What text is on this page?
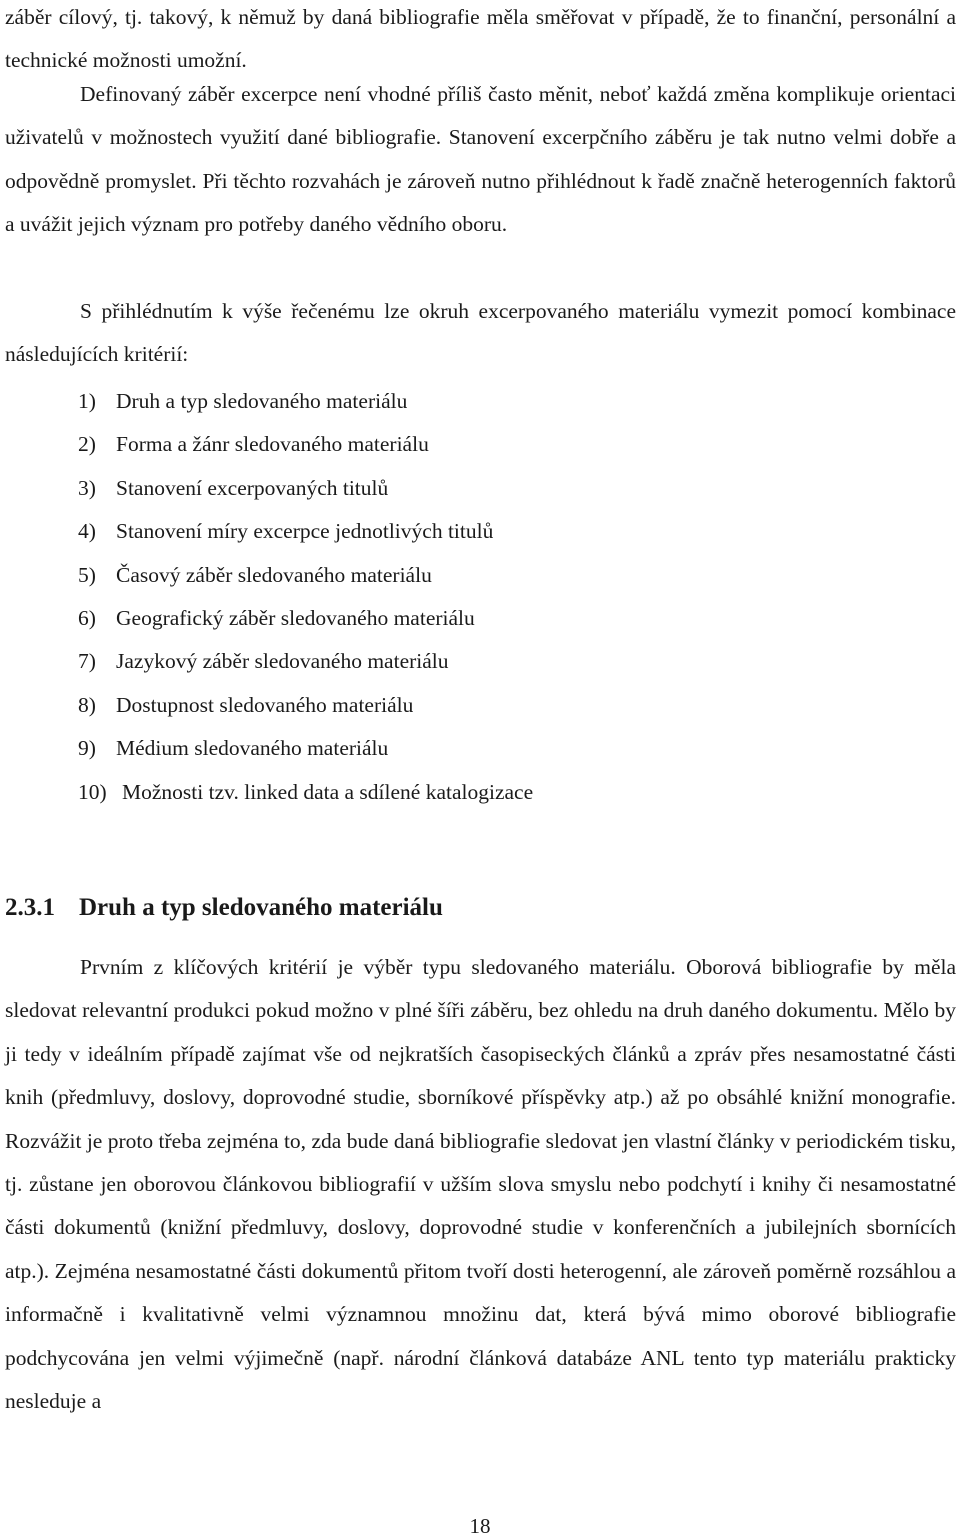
záběr cílový, tj. takový, k němuž by daná bibliografie měla směřovat v případě, že to finanční, personální a technické možnosti umožní.

Definovaný záběr excerpce není vhodné příliš často měnit, neboť každá změna komplikuje orientaci uživatelů v možnostech využití dané bibliografie. Stanovení excerpčního záběru je tak nutno velmi dobře a odpovědně promyslet. Při těchto rozvahách je zároveň nutno přihlédnout k řadě značně heterogenních faktorů a uvážit jejich význam pro potřeby daného vědního oboru.

S přihlédnutím k výše řečenému lze okruh excerpovaného materiálu vymezit pomocí kombinace následujících kritérií:

1) Druh a typ sledovaného materiálu
2) Forma a žánr sledovaného materiálu
3) Stanovení excerpovaných titulů
4) Stanovení míry excerpce jednotlivých titulů
5) Časový záběr sledovaného materiálu
6) Geografický záběr sledovaného materiálu
7) Jazykový záběr sledovaného materiálu
8) Dostupnost sledovaného materiálu
9) Médium sledovaného materiálu
10) Možnosti tzv. linked data a sdílené katalogizace
2.3.1 Druh a typ sledovaného materiálu

Prvním z klíčových kritérií je výběr typu sledovaného materiálu. Oborová bibliografie by měla sledovat relevantní produkci pokud možno v plné šíři záběru, bez ohledu na druh daného dokumentu. Mělo by ji tedy v ideálním případě zajímat vše od nejkratších časopiseckých článků a zpráv přes nesamostatné části knih (předmluvy, doslovy, doprovodné studie, sborníkové příspěvky atp.) až po obsáhlé knižní monografie. Rozvážit je proto třeba zejména to, zda bude daná bibliografie sledovat jen vlastní články v periodickém tisku, tj. zůstane jen oborovou článkovou bibliografií v užším slova smyslu nebo podchytí i knihy či nesamostatné části dokumentů (knižní předmluvy, doslovy, doprovodné studie v konferenčních a jubilejních sbornících atp.). Zejména nesamostatné části dokumentů přitom tvoří dosti heterogenní, ale zároveň poměrně rozsáhlou a informačně i kvalitativně velmi významnou množinu dat, která bývá mimo oborové bibliografie podchycována jen velmi výjimečně (např. národní článková databáze ANL tento typ materiálu prakticky nesleduje a

18
